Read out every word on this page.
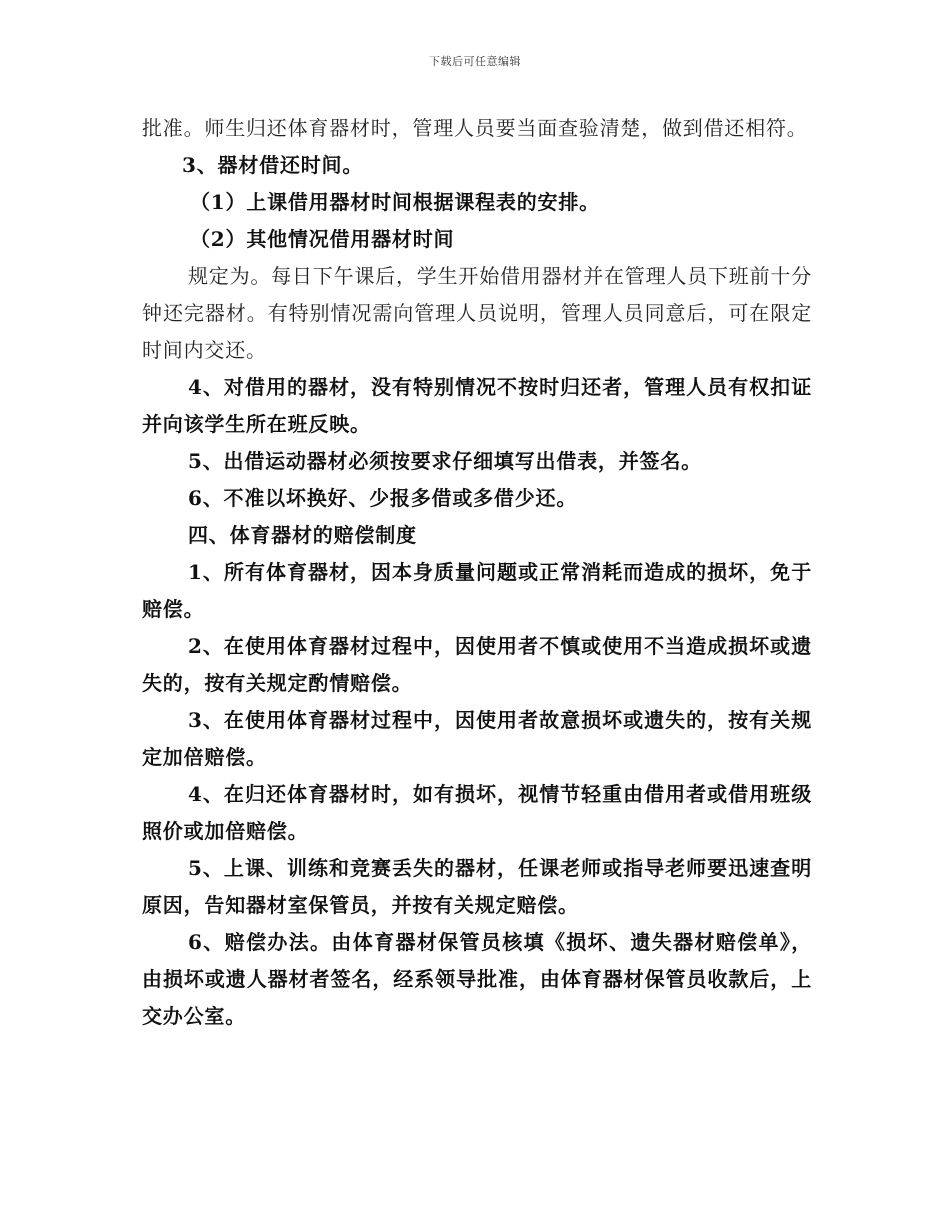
下载后可任意编辑

批准。师生归还体育器材时，管理人员要当面查验清楚，做到借还相符。

3、器材借还时间。

（1）上课借用器材时间根据课程表的安排。

（2）其他情况借用器材时间

规定为。每日下午课后，学生开始借用器材并在管理人员下班前十分钟还完器材。有特别情况需向管理人员说明，管理人员同意后，可在限定时间内交还。

4、对借用的器材，没有特别情况不按时归还者，管理人员有权扣证并向该学生所在班反映。

5、出借运动器材必须按要求仔细填写出借表，并签名。

6、不准以坏换好、少报多借或多借少还。

四、体育器材的赔偿制度

1、所有体育器材，因本身质量问题或正常消耗而造成的损坏，免于赔偿。

2、在使用体育器材过程中，因使用者不慎或使用不当造成损坏或遗失的，按有关规定酌情赔偿。

3、在使用体育器材过程中，因使用者故意损坏或遗失的，按有关规定加倍赔偿。

4、在归还体育器材时，如有损坏，视情节轻重由借用者或借用班级照价或加倍赔偿。

5、上课、训练和竞赛丢失的器材，任课老师或指导老师要迅速查明原因，告知器材室保管员，并按有关规定赔偿。

6、赔偿办法。由体育器材保管员核填《损坏、遗失器材赔偿单》，由损坏或遗人器材者签名，经系领导批准，由体育器材保管员收款后，上交办公室。
